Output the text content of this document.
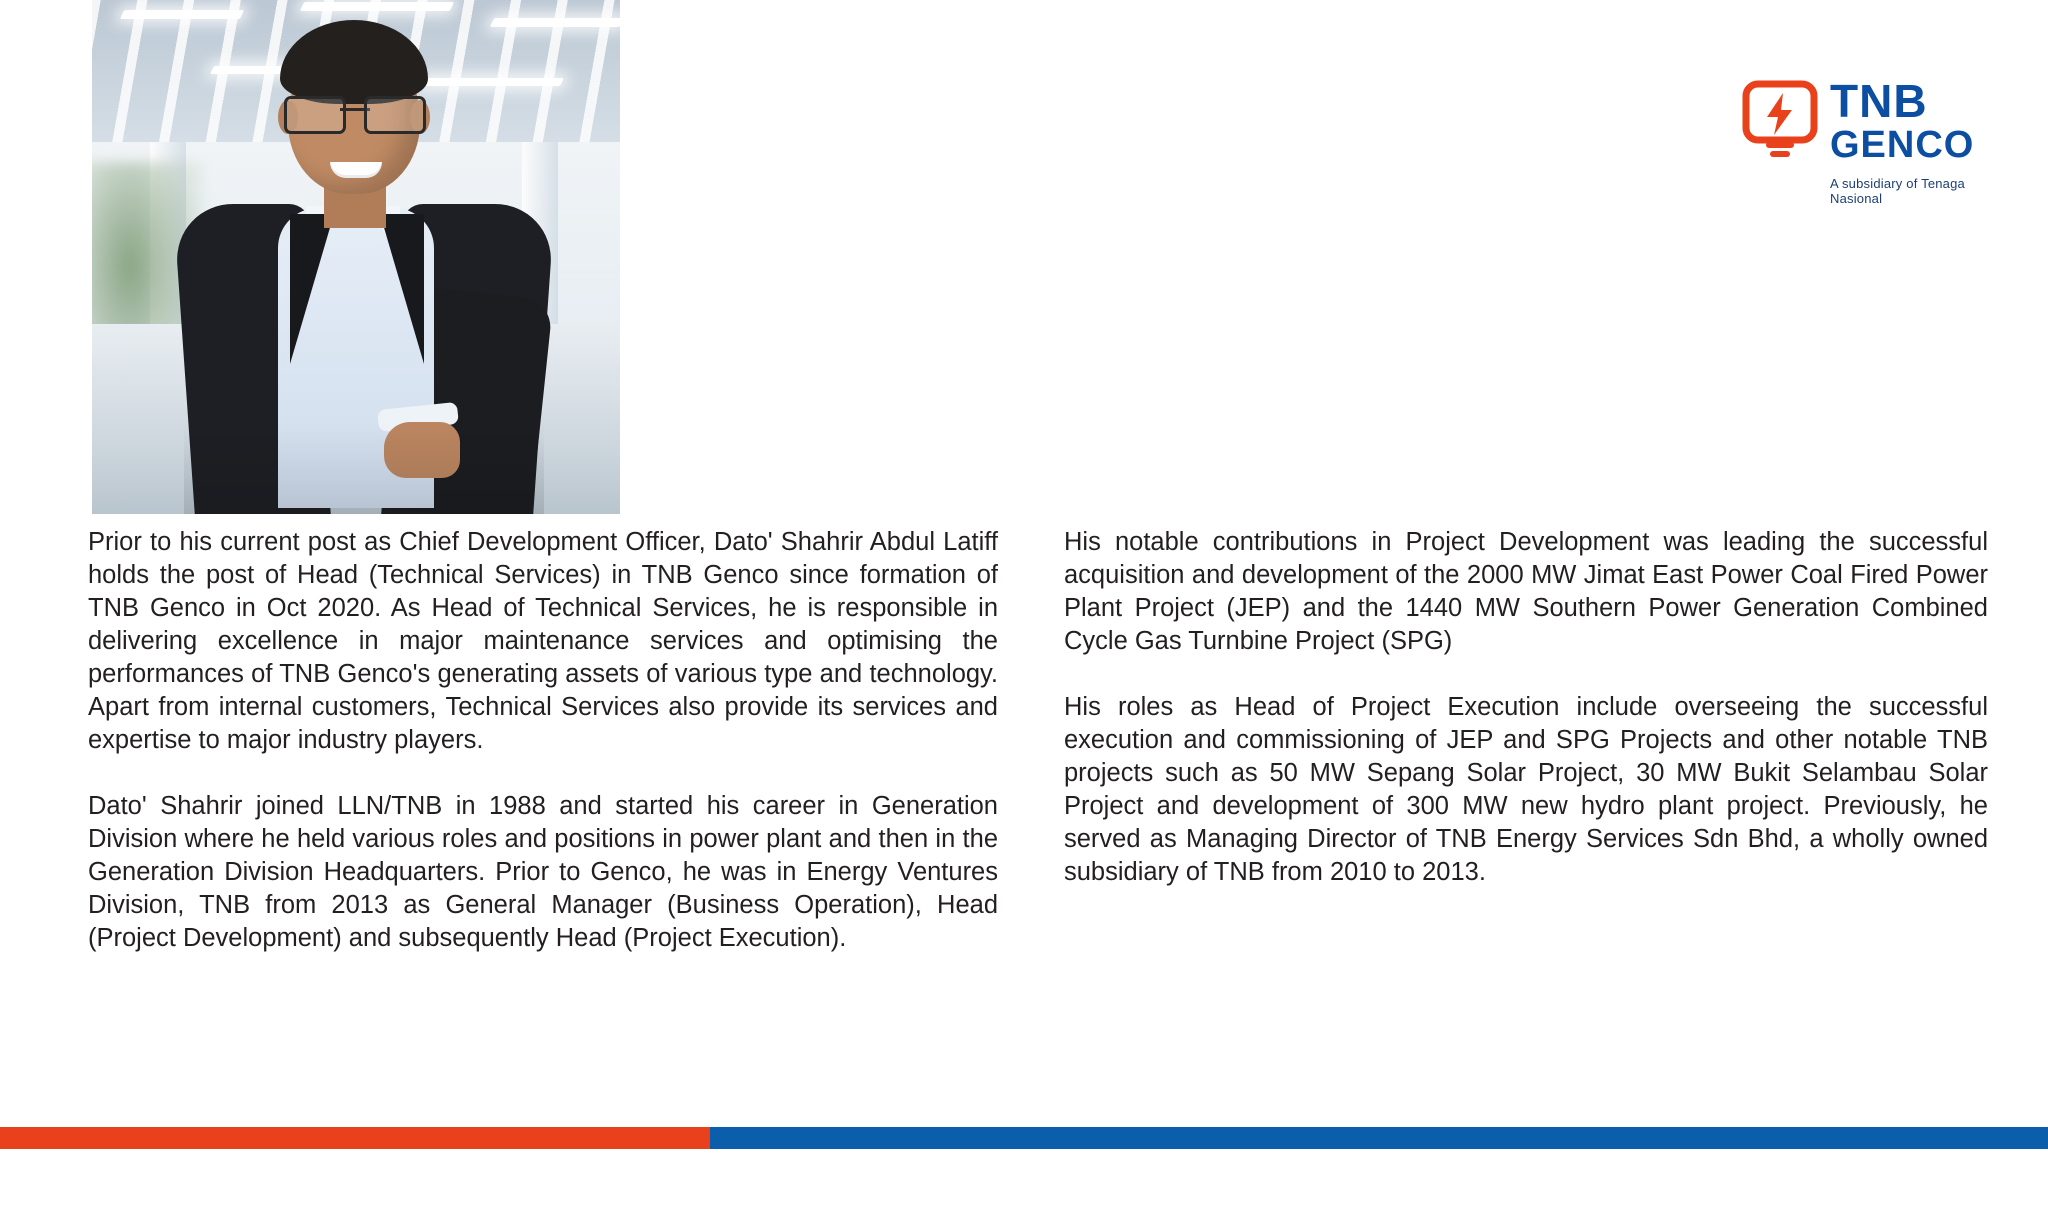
TNB
GENCO
A subsidiary of Tenaga Nasional

Prior to his current post as Chief Development Officer, Dato' Shahrir Abdul Latiff holds the post of Head (Technical Services) in TNB Genco since formation of TNB Genco in Oct 2020. As Head of Technical Services, he is responsible in delivering excellence in major maintenance services and optimising the performances of TNB Genco's generating assets of various type and technology. Apart from internal customers, Technical Services also provide its services and expertise to major industry players.

Dato' Shahrir joined LLN/TNB in 1988 and started his career in Generation Division where he held various roles and positions in power plant and then in the Generation Division Headquarters. Prior to Genco, he was in Energy Ventures Division, TNB from 2013 as General Manager (Business Operation), Head (Project Development) and subsequently Head (Project Execution).

His notable contributions in Project Development was leading the successful acquisition and development of the 2000 MW Jimat East Power Coal Fired Power Plant Project (JEP) and the 1440 MW Southern Power Generation Combined Cycle Gas Turnbine Project (SPG)

His roles as Head of Project Execution include overseeing the successful execution and commissioning of JEP and SPG Projects and other notable TNB projects such as 50 MW Sepang Solar Project, 30 MW Bukit Selambau Solar Project and development of 300 MW new hydro plant project. Previously, he served as Managing Director of TNB Energy Services Sdn Bhd, a wholly owned subsidiary of TNB from 2010 to 2013.
